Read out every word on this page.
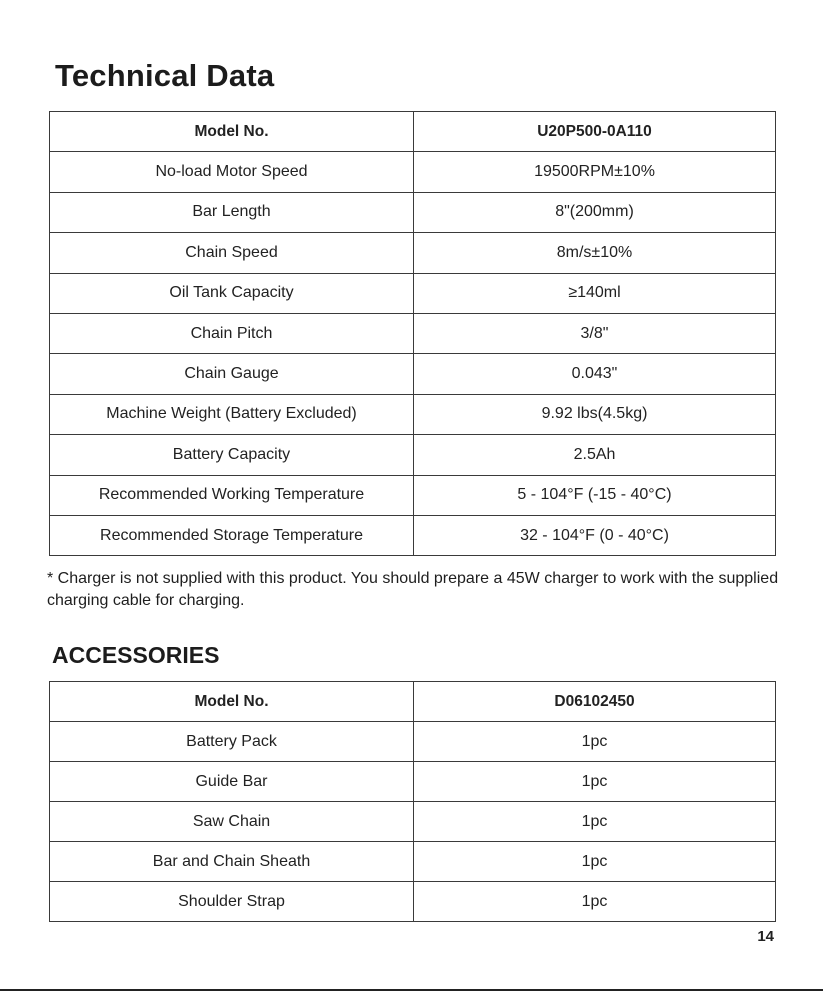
Technical Data
Model No.	U20P500-0A110
No-load Motor Speed	19500RPM±10%
Bar Length	8"(200mm)
Chain Speed	8m/s±10%
Oil Tank Capacity	≥140ml
Chain Pitch	3/8"
Chain Gauge	0.043"
Machine Weight (Battery Excluded)	9.92 lbs(4.5kg)
Battery Capacity	2.5Ah
Recommended Working Temperature	5 - 104°F (-15 - 40°C)
Recommended Storage Temperature	32 - 104°F (0 - 40°C)
* Charger is not supplied with this product. You should prepare a 45W charger to work with the supplied charging cable for charging.
ACCESSORIES
Model No.	D06102450
Battery Pack	1pc
Guide Bar	1pc
Saw Chain	1pc
Bar and Chain Sheath	1pc
Shoulder Strap	1pc
14
